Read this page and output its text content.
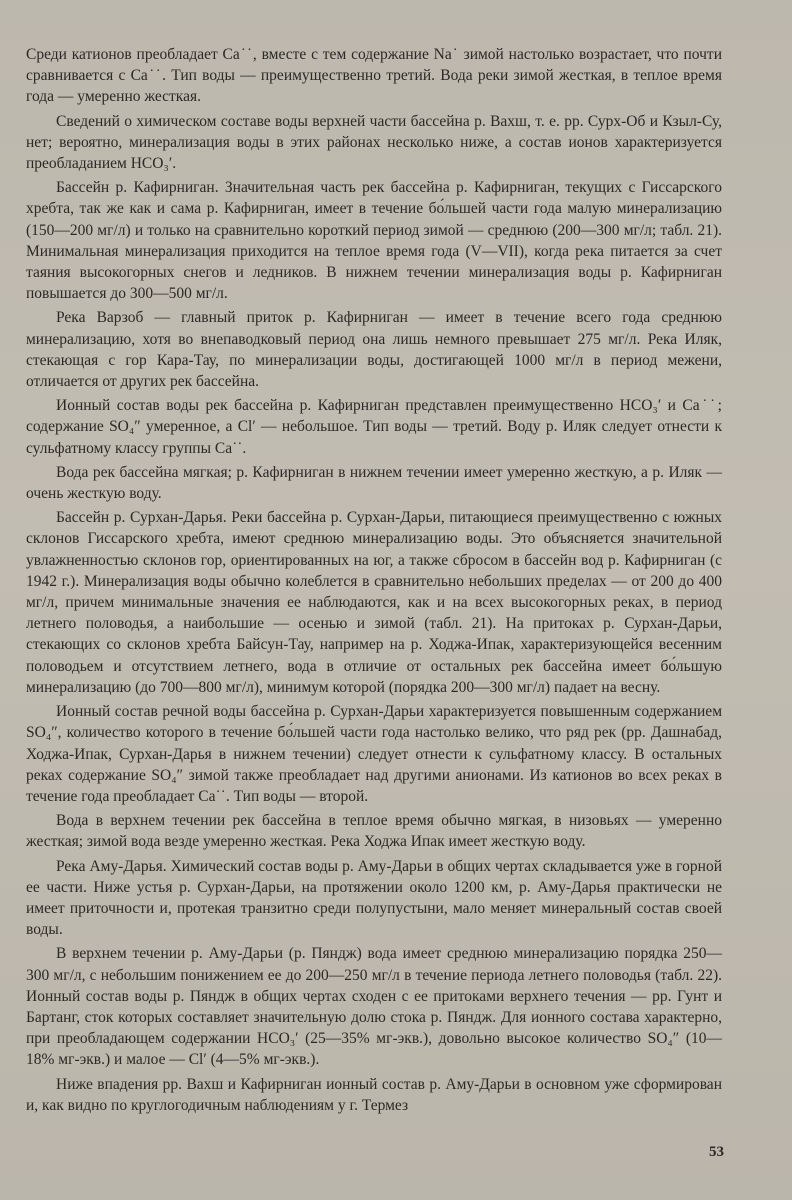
Среди катионов преобладает Ca˙˙, вместе с тем содержание Na˙ зимой настолько возрастает, что почти сравнивается с Ca˙˙. Тип воды — преимущественно третий. Вода реки зимой жесткая, в теплое время года — умеренно жесткая.

Сведений о химическом составе воды верхней части бассейна р. Вахш, т. е. рр. Сурх-Об и Кзыл-Су, нет; вероятно, минерализация воды в этих районах несколько ниже, а состав ионов характеризуется преобладанием HCO₃′.

Бассейн р. Кафирниган. Значительная часть рек бассейна р. Кафирниган, текущих с Гиссарского хребта, так же как и сама р. Кафирниган, имеет в течение бо́льшей части года малую минерализацию (150—200 мг/л) и только на сравнительно короткий период зимой — среднюю (200—300 мг/л; табл. 21). Минимальная минерализация приходится на теплое время года (V—VII), когда река питается за счет таяния высокогорных снегов и ледников. В нижнем течении минерализация воды р. Кафирниган повышается до 300—500 мг/л.

Река Варзоб — главный приток р. Кафирниган — имеет в течение всего года среднюю минерализацию, хотя во внепаводковый период она лишь немного превышает 275 мг/л. Река Иляк, стекающая с гор Кара-Тау, по минерализации воды, достигающей 1000 мг/л в период межени, отличается от других рек бассейна.

Ионный состав воды рек бассейна р. Кафирниган представлен преимущественно HCO₃′ и Ca˙˙; содержание SO₄″ умеренное, а Cl′ — небольшое. Тип воды — третий. Воду р. Иляк следует отнести к сульфатному классу группы Ca˙˙.

Вода рек бассейна мягкая; р. Кафирниган в нижнем течении имеет умеренно жесткую, а р. Иляк — очень жесткую воду.

Бассейн р. Сурхан-Дарья. Реки бассейна р. Сурхан-Дарьи, питающиеся преимущественно с южных склонов Гиссарского хребта, имеют среднюю минерализацию воды. Это объясняется значительной увлажненностью склонов гор, ориентированных на юг, а также сбросом в бассейн вод р. Кафирниган (с 1942 г.). Минерализация воды обычно колеблется в сравнительно небольших пределах — от 200 до 400 мг/л, причем минимальные значения ее наблюдаются, как и на всех высокогорных реках, в период летнего половодья, а наибольшие — осенью и зимой (табл. 21). На притоках р. Сурхан-Дарьи, стекающих со склонов хребта Байсун-Тау, например на р. Ходжа-Ипак, характеризующейся весенним половодьем и отсутствием летнего, вода в отличие от остальных рек бассейна имеет бо́льшую минерализацию (до 700—800 мг/л), минимум которой (порядка 200—300 мг/л) падает на весну.

Ионный состав речной воды бассейна р. Сурхан-Дарьи характеризуется повышенным содержанием SO₄″, количество которого в течение бо́льшей части года настолько велико, что ряд рек (рр. Дашнабад, Ходжа-Ипак, Сурхан-Дарья в нижнем течении) следует отнести к сульфатному классу. В остальных реках содержание SO₄″ зимой также преобладает над другими анионами. Из катионов во всех реках в течение года преобладает Ca˙˙. Тип воды — второй.

Вода в верхнем течении рек бассейна в теплое время обычно мягкая, в низовьях — умеренно жесткая; зимой вода везде умеренно жесткая. Река Ходжа Ипак имеет жесткую воду.

Река Аму-Дарья. Химический состав воды р. Аму-Дарьи в общих чертах складывается уже в горной ее части. Ниже устья р. Сурхан-Дарьи, на протяжении около 1200 км, р. Аму-Дарья практически не имеет приточности и, протекая транзитно среди полупустыни, мало меняет минеральный состав своей воды.

В верхнем течении р. Аму-Дарьи (р. Пяндж) вода имеет среднюю минерализацию порядка 250—300 мг/л, с небольшим понижением ее до 200—250 мг/л в течение периода летнего половодья (табл. 22). Ионный состав воды р. Пяндж в общих чертах сходен с ее притоками верхнего течения — рр. Гунт и Бартанг, сток которых составляет значительную долю стока р. Пяндж. Для ионного состава характерно, при преобладающем содержании HCO₃′ (25—35% мг-экв.), довольно высокое количество SO₄″ (10—18% мг-экв.) и малое — Cl′ (4—5% мг-экв.).

Ниже впадения рр. Вахш и Кафирниган ионный состав р. Аму-Дарьи в основном уже сформирован и, как видно по круглогодичным наблюдениям у г. Термез

53
